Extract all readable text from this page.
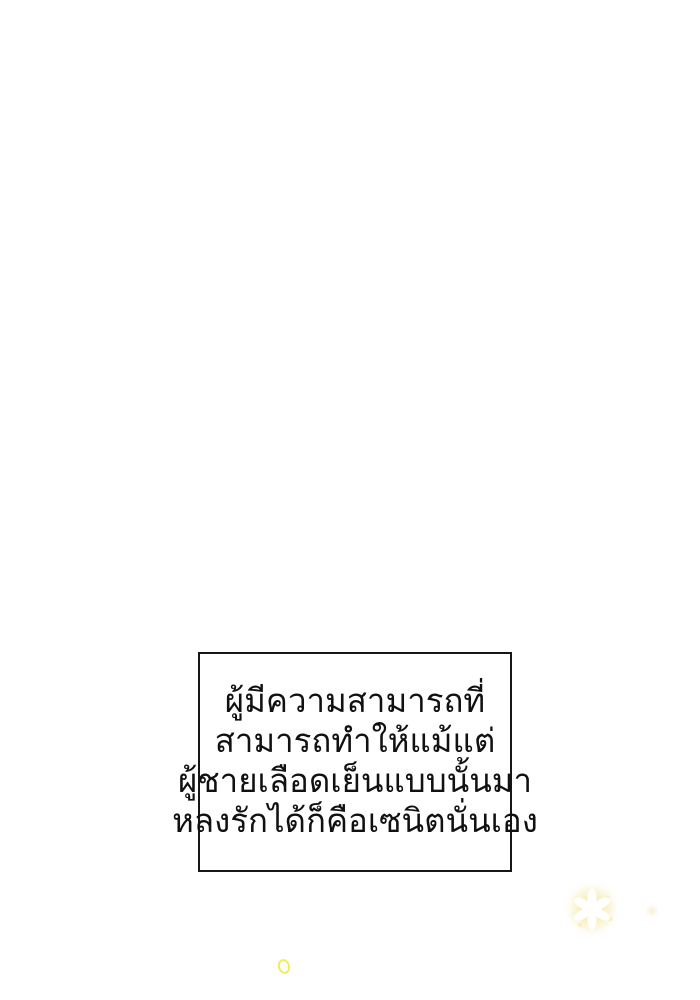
ผู้มีความสามารถที่
สามารถทำให้แม้แต่
ผู้ชายเลือดเย็นแบบนั้นมา
หลงรักได้ก็คือเซนิตนั่นเอง
